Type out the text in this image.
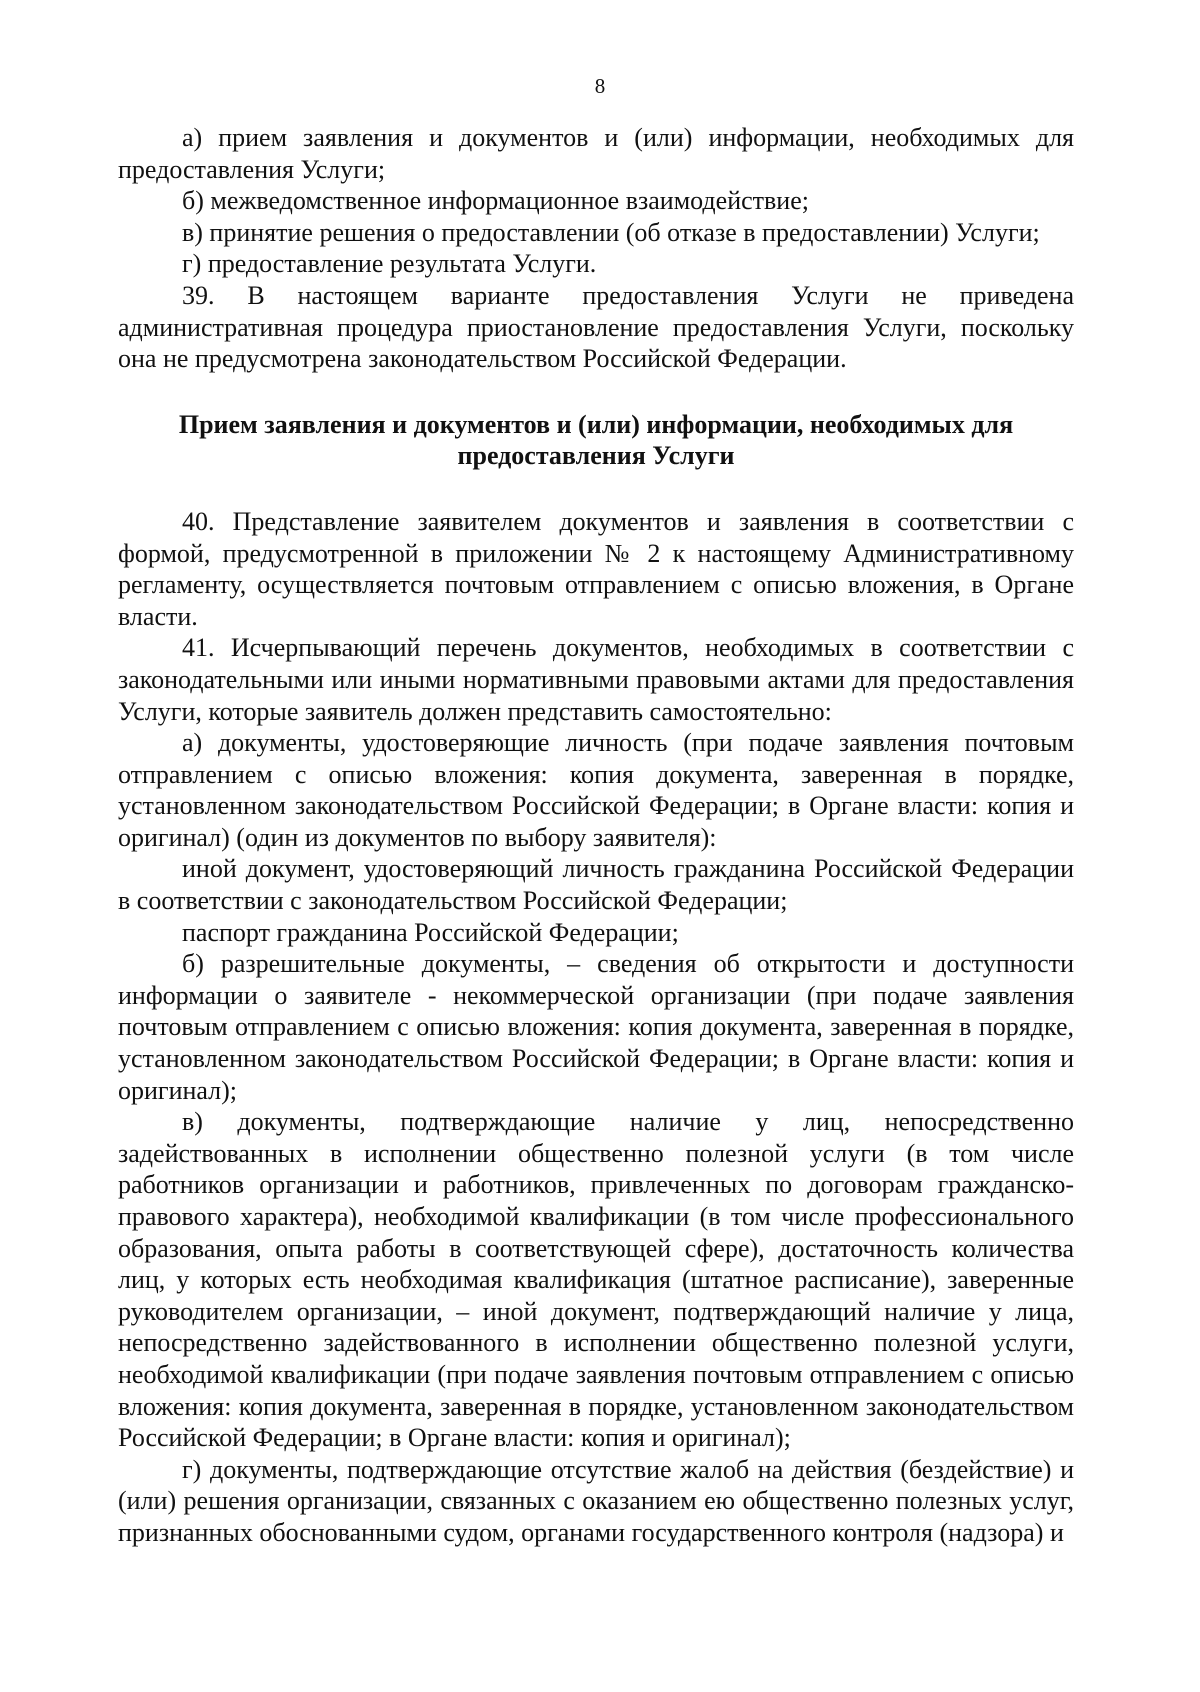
8

а) прием заявления и документов и (или) информации, необходимых для предоставления Услуги;

б) межведомственное информационное взаимодействие;

в) принятие решения о предоставлении (об отказе в предоставлении) Услуги;

г) предоставление результата Услуги.

39. В настоящем варианте предоставления Услуги не приведена административная процедура приостановление предоставления Услуги, поскольку она не предусмотрена законодательством Российской Федерации.

Прием заявления и документов и (или) информации, необходимых для
предоставления Услуги

40. Представление заявителем документов и заявления в соответствии с формой, предусмотренной в приложении № 2 к настоящему Административному регламенту, осуществляется почтовым отправлением с описью вложения, в Органе власти.

41. Исчерпывающий перечень документов, необходимых в соответствии с законодательными или иными нормативными правовыми актами для предоставления Услуги, которые заявитель должен представить самостоятельно:

а) документы, удостоверяющие личность (при подаче заявления почтовым отправлением с описью вложения: копия документа, заверенная в порядке, установленном законодательством Российской Федерации; в Органе власти: копия и оригинал) (один из документов по выбору заявителя):

иной документ, удостоверяющий личность гражданина Российской Федерации в соответствии с законодательством Российской Федерации;

паспорт гражданина Российской Федерации;

б) разрешительные документы, – сведения об открытости и доступности информации о заявителе - некоммерческой организации (при подаче заявления почтовым отправлением с описью вложения: копия документа, заверенная в порядке, установленном законодательством Российской Федерации; в Органе власти: копия и оригинал);

в) документы, подтверждающие наличие у лиц, непосредственно задействованных в исполнении общественно полезной услуги (в том числе работников организации и работников, привлеченных по договорам гражданско-правового характера), необходимой квалификации (в том числе профессионального образования, опыта работы в соответствующей сфере), достаточность количества лиц, у которых есть необходимая квалификация (штатное расписание), заверенные руководителем организации, – иной документ, подтверждающий наличие у лица, непосредственно задействованного в исполнении общественно полезной услуги, необходимой квалификации (при подаче заявления почтовым отправлением с описью вложения: копия документа, заверенная в порядке, установленном законодательством Российской Федерации; в Органе власти: копия и оригинал);

г) документы, подтверждающие отсутствие жалоб на действия (бездействие) и (или) решения организации, связанных с оказанием ею общественно полезных услуг, признанных обоснованными судом, органами государственного контроля (надзора) и
